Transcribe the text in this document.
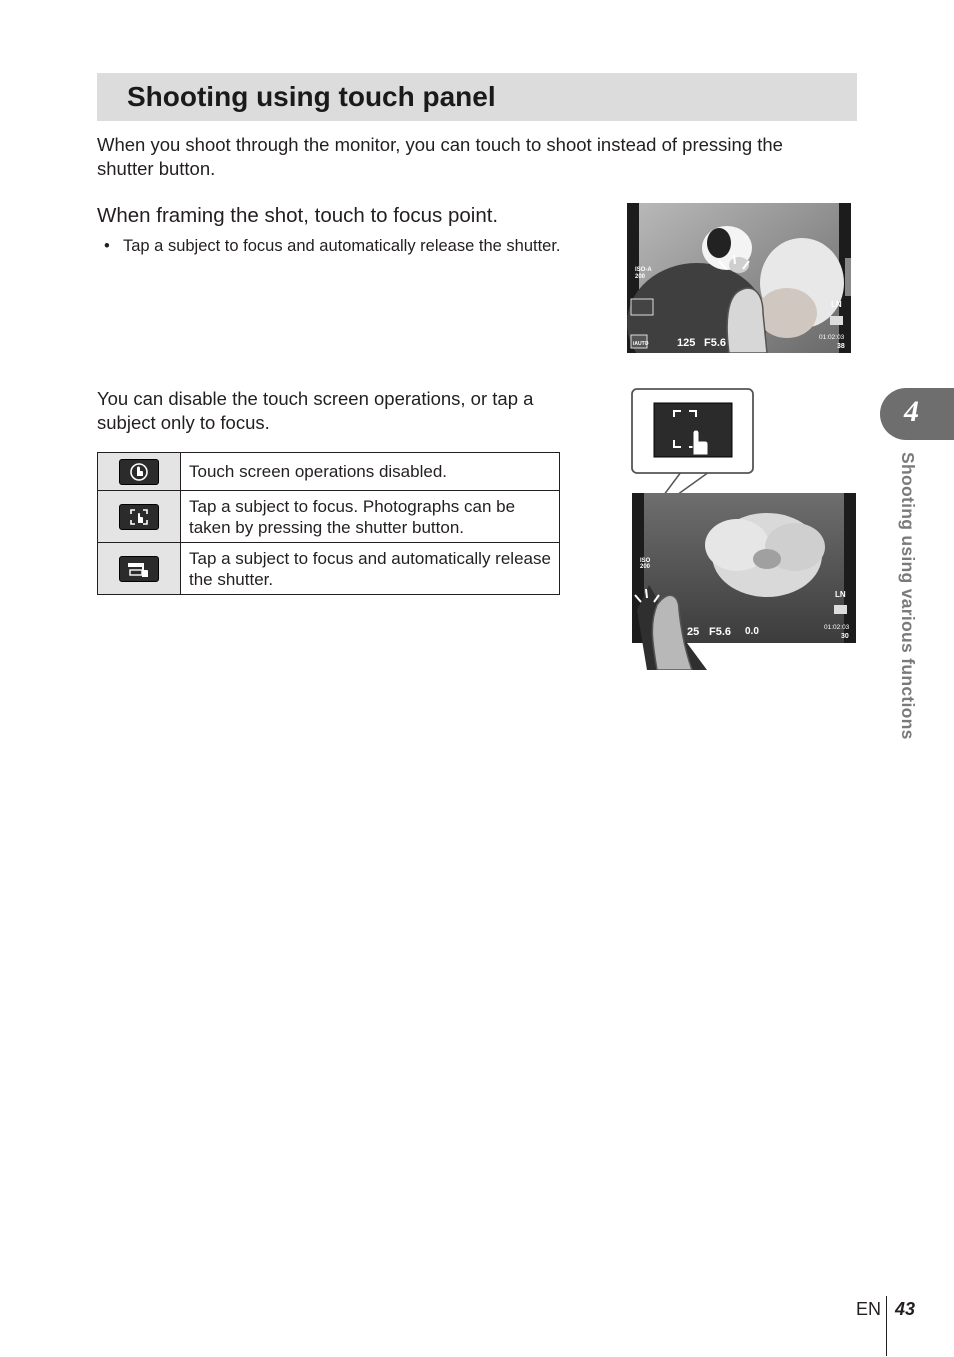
Shooting using touch panel

When you shoot through the monitor, you can touch to shoot instead of pressing the shutter button.

When framing the shot, touch to focus point.

• Tap a subject to focus and automatically release the shutter.

ISO-A
200
iAUTO	125 F5.6
LN
01:02:03
38

You can disable the touch screen operations, or tap a subject only to focus.

	Touch screen operations disabled.

	Tap a subject to focus. Photographs can be taken by pressing the shutter button.

	Tap a subject to focus and automatically release the shutter.
ISO
200
25 F5.6 0.0
LN
01:02:03
30
4
Shooting using various functions
EN 43
